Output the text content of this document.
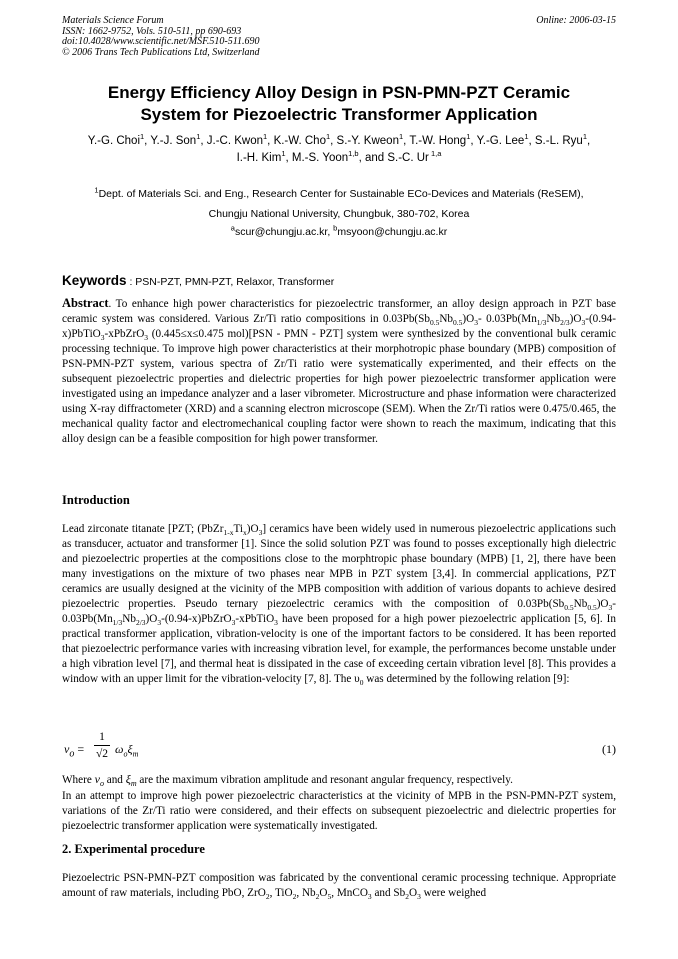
Materials Science Forum
ISSN: 1662-9752, Vols. 510-511, pp 690-693
doi:10.4028/www.scientific.net/MSF.510-511.690
© 2006 Trans Tech Publications Ltd, Switzerland
Online: 2006-03-15
Energy Efficiency Alloy Design in PSN-PMN-PZT Ceramic
System for Piezoelectric Transformer Application
Y.-G. Choi$^1$, Y.-J. Son$^1$, J.-C. Kwon$^1$, K.-W. Cho$^1$, S.-Y. Kweon$^1$, T.-W. Hong$^1$, Y.-G. Lee$^1$, S.-L. Ryu$^1$,
I.-H. Kim$^1$, M.-S. Yoon$^{1,b}$, and S.-C. Ur $^{1,a}$
$^1$Dept. of Materials Sci. and Eng., Research Center for Sustainable ECo-Devices and Materials (ReSEM),
Chungju National University, Chungbuk, 380-702, Korea
$^a$scur@chungju.ac.kr, $^b$msyoon@chungju.ac.kr
Keywords : PSN-PZT, PMN-PZT, Relaxor, Transformer
Abstract. To enhance high power characteristics for piezoelectric transformer, an alloy design approach in PZT base ceramic system was considered. Various Zr/Ti ratio compositions in $0.03Pb(Sb_{0.5}Nb_{0.5})O_3-$ $0.03Pb(Mn_{1/3}Nb_{2/3})O_3-(0.94-x)PbTiO_3-xPbZrO_3$ (0.445≤x≤0.475 mol)[PSN - PMN - PZT] system were synthesized by the conventional bulk ceramic processing technique. To improve high power characteristics at their morphotropic phase boundary (MPB) composition of PSN-PMN-PZT system, various spectra of Zr/Ti ratio were systematically experimented, and their effects on the subsequent piezoelectric properties and dielectric properties for high power piezoelectric transformer application were investigated using an impedance analyzer and a laser vibrometer. Microstructure and phase information were characterized using X-ray diffractometer (XRD) and a scanning electron microscope (SEM). When the Zr/Ti ratios were 0.475/0.465, the mechanical quality factor and electromechanical coupling factor were shown to reach the maximum, indicating that this alloy design can be a feasible composition for high power transformer.
Introduction
Lead zirconate titanate [PZT; $(PbZr_{1-x}Ti_x)O_3$] ceramics have been widely used in numerous piezoelectric applications such as transducer, actuator and transformer [1]. Since the solid solution PZT was found to posses exceptionally high dielectric and piezoelectric properties at the compositions close to the morphtropic phase boundary (MPB) [1, 2], there have been many investigations on the mixture of two phases near MPB in PZT system [3,4]. In commercial applications, PZT ceramics are usually designed at the vicinity of the MPB composition with addition of various dopants to achieve desired piezoelectric properties. Pseudo ternary piezoelectric ceramics with the composition of $0.03Pb(Sb_{0.5}Nb_{0.5})O_3-0.03Pb(Mn_{1/3}Nb_{2/3})O_3-(0.94-x)PbZrO_3-xPbTiO_3$ have been proposed for a high power piezoelectric application [5, 6]. In practical transformer application, vibration-velocity is one of the important factors to be considered. It has been reported that piezoelectric performance varies with increasing vibration level, for example, the performances become unstable under a high vibration level [7], and thermal heat is dissipated in the case of exceeding certain vibration level [8]. This provides a window with an upper limit for the vibration-velocity [7, 8]. The $\upsilon_0$ was determined by the following relation [9]:
$v_o$ =
1
√2 $\omega_o\xi_m$	(1)
Where $v_o$ and $\xi_m$ are the maximum vibration amplitude and resonant angular frequency, respectively.
In an attempt to improve high power piezoelectric characteristics at the vicinity of MPB in the PSN-PMN-PZT system, variations of the Zr/Ti ratio were considered, and their effects on subsequent piezoelectric and dielectric properties for piezoelectric transformer application were systematically investigated.
2. Experimental procedure
Piezoelectric PSN-PMN-PZT composition was fabricated by the conventional ceramic processing technique. Appropriate amount of raw materials, including PbO, ZrO$_2$, TiO$_2$, $Nb_2O_5$, MnCO$_3$ and $Sb_2O_3$ were weighed
